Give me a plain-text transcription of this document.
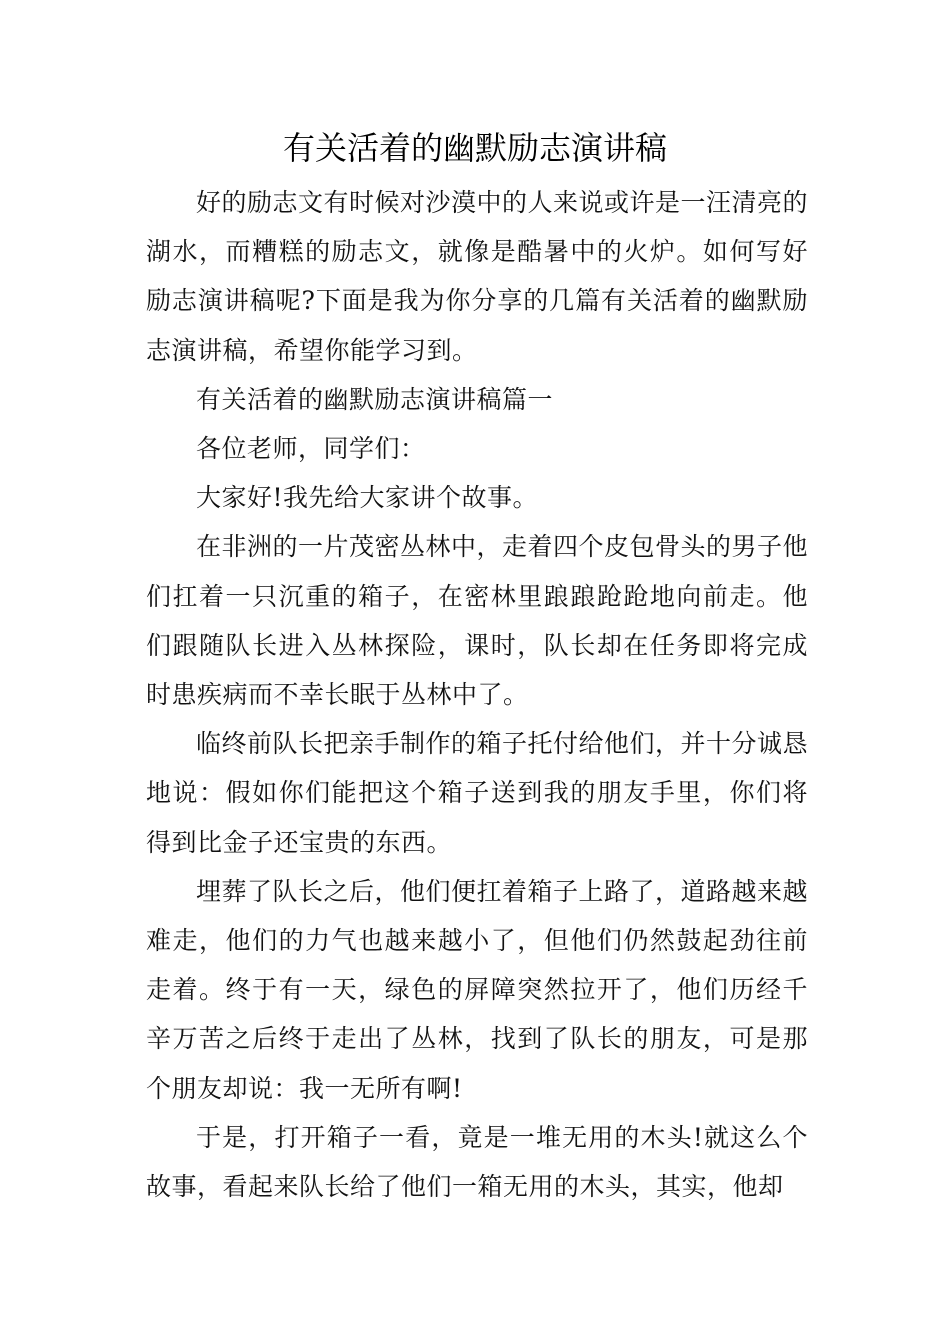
有关活着的幽默励志演讲稿

好的励志文有时候对沙漠中的人来说或许是一汪清亮的湖水，而糟糕的励志文，就像是酷暑中的火炉。如何写好励志演讲稿呢?下面是我为你分享的几篇有关活着的幽默励志演讲稿，希望你能学习到。

有关活着的幽默励志演讲稿篇一

各位老师，同学们：

大家好!我先给大家讲个故事。

在非洲的一片茂密丛林中，走着四个皮包骨头的男子他们扛着一只沉重的箱子，在密林里踉踉跄跄地向前走。他们跟随队长进入丛林探险，课时，队长却在任务即将完成时患疾病而不幸长眠于丛林中了。

临终前队长把亲手制作的箱子托付给他们，并十分诚恳地说：假如你们能把这个箱子送到我的朋友手里，你们将得到比金子还宝贵的东西。

埋葬了队长之后，他们便扛着箱子上路了，道路越来越难走，他们的力气也越来越小了，但他们仍然鼓起劲往前走着。终于有一天，绿色的屏障突然拉开了，他们历经千辛万苦之后终于走出了丛林，找到了队长的朋友，可是那个朋友却说：我一无所有啊!

于是，打开箱子一看，竟是一堆无用的木头!就这么个故事，看起来队长给了他们一箱无用的木头，其实，他却
